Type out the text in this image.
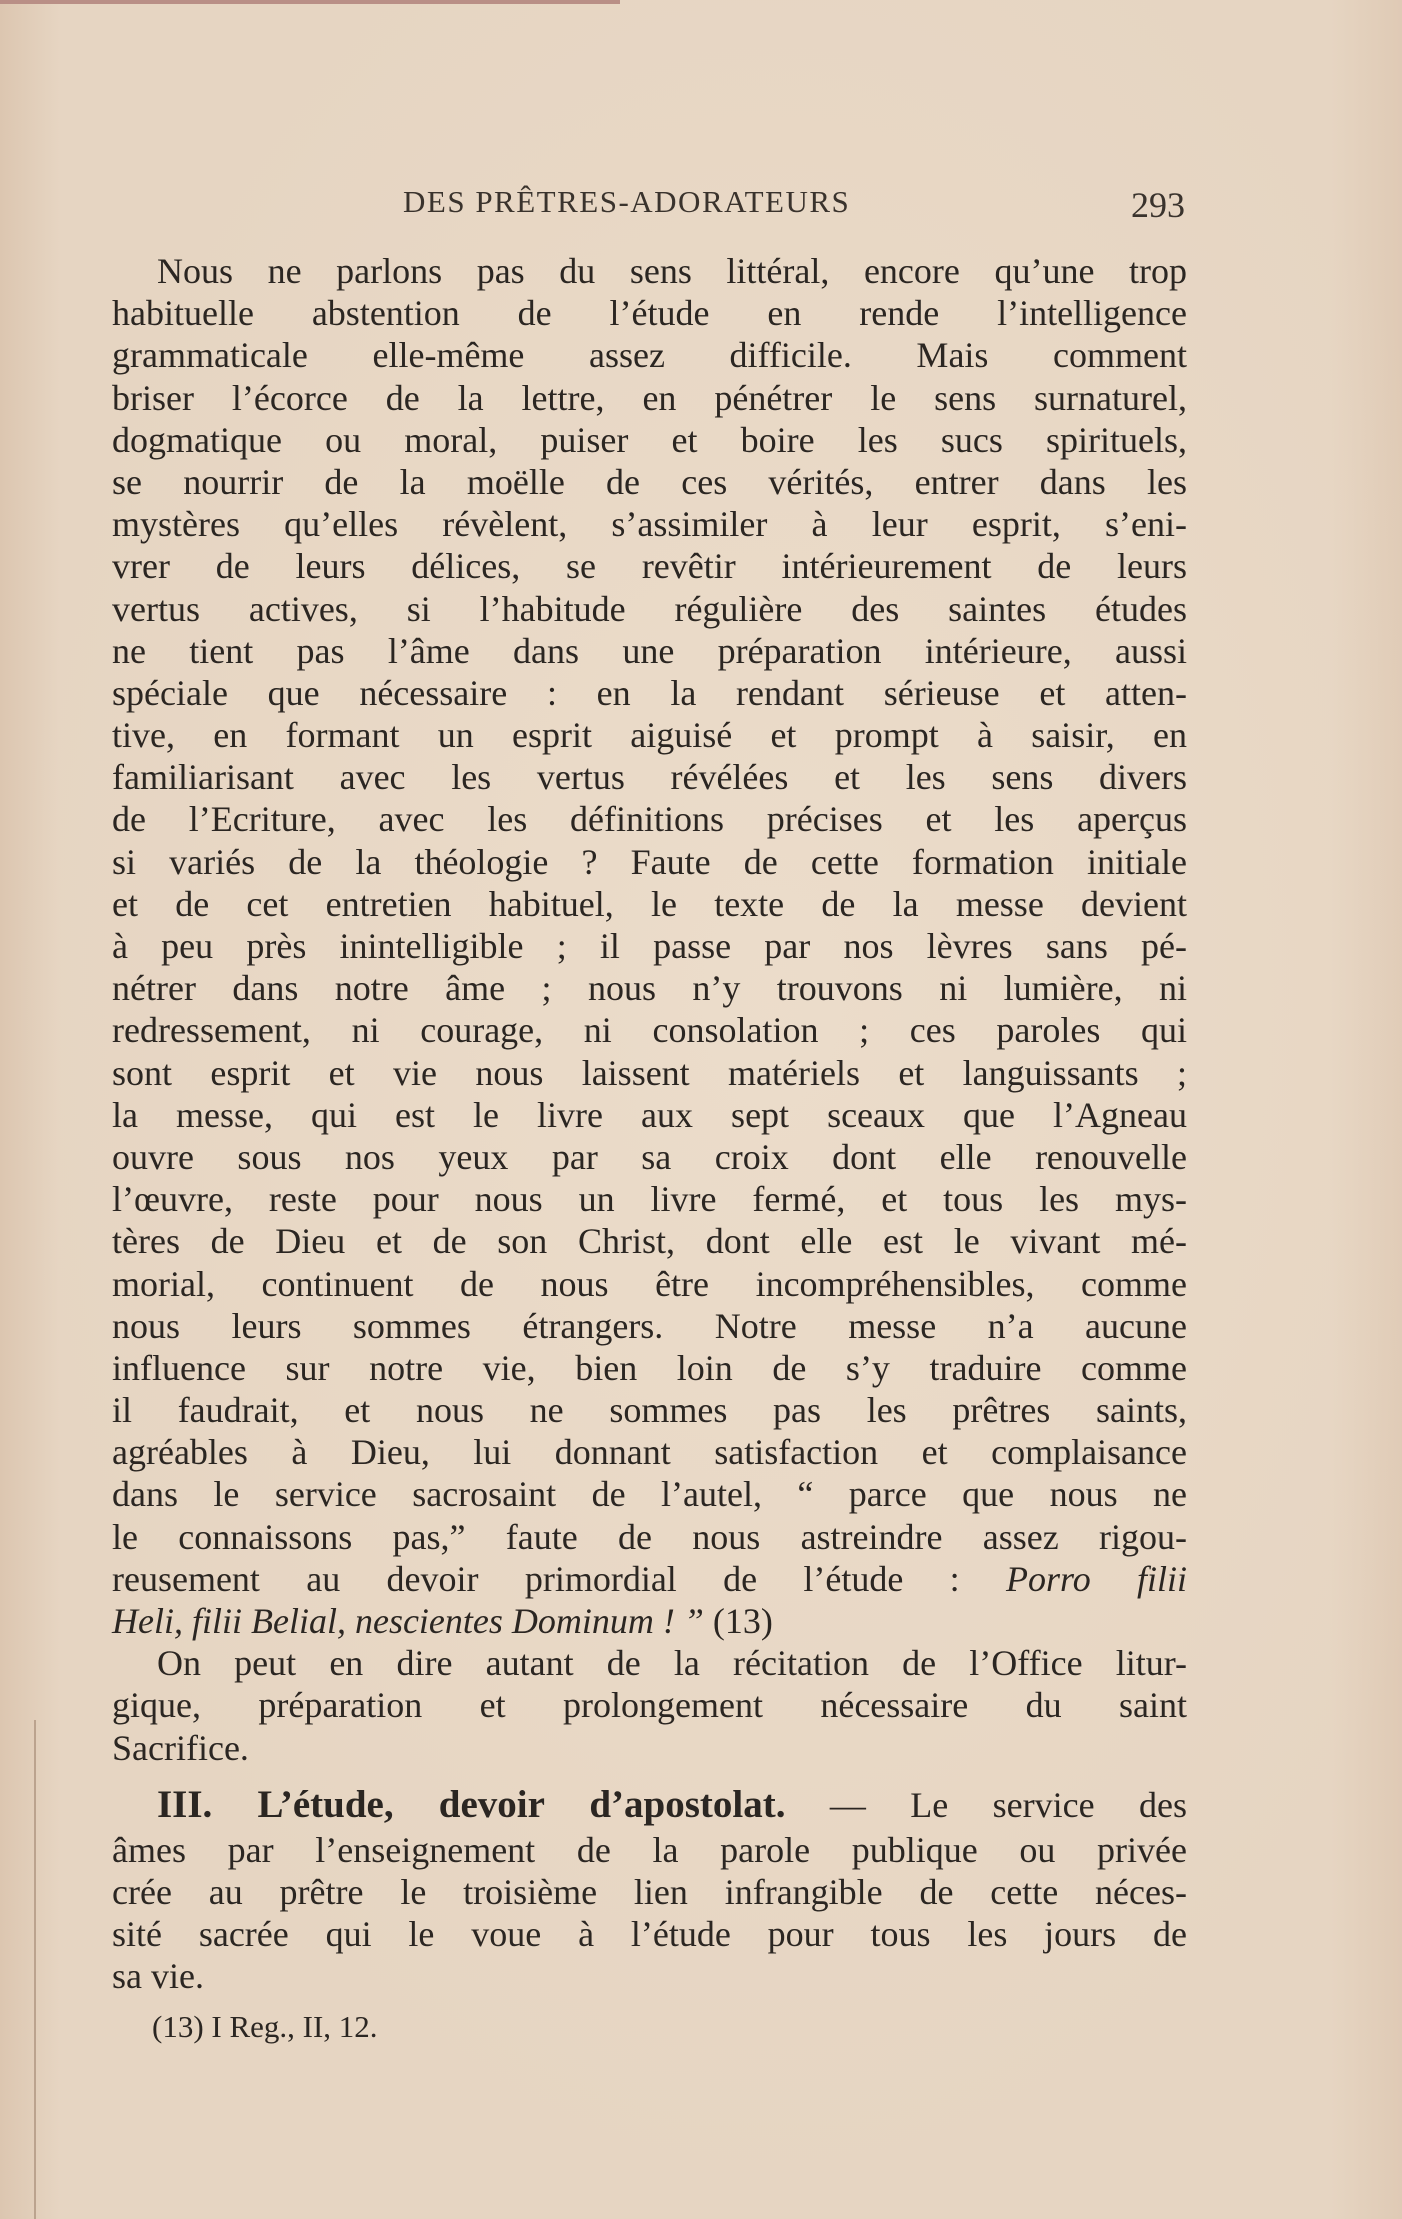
DES PRÊTRES-ADORATEURS	293
Nous ne parlons pas du sens littéral, encore qu’une trop
habituelle abstention de l’étude en rende l’intelligence
grammaticale elle-même assez difficile. Mais comment
briser l’écorce de la lettre, en pénétrer le sens surnaturel,
dogmatique ou moral, puiser et boire les sucs spirituels,
se nourrir de la moëlle de ces vérités, entrer dans les
mystères qu’elles révèlent, s’assimiler à leur esprit, s’eni-
vrer de leurs délices, se revêtir intérieurement de leurs
vertus actives, si l’habitude régulière des saintes études
ne tient pas l’âme dans une préparation intérieure, aussi
spéciale que nécessaire : en la rendant sérieuse et atten-
tive, en formant un esprit aiguisé et prompt à saisir, en
familiarisant avec les vertus révélées et les sens divers
de l’Ecriture, avec les définitions précises et les aperçus
si variés de la théologie ? Faute de cette formation initiale
et de cet entretien habituel, le texte de la messe devient
à peu près inintelligible ; il passe par nos lèvres sans pé-
nétrer dans notre âme ; nous n’y trouvons ni lumière, ni
redressement, ni courage, ni consolation ; ces paroles qui
sont esprit et vie nous laissent matériels et languissants ;
la messe, qui est le livre aux sept sceaux que l’Agneau
ouvre sous nos yeux par sa croix dont elle renouvelle
l’œuvre, reste pour nous un livre fermé, et tous les mys-
tères de Dieu et de son Christ, dont elle est le vivant mé-
morial, continuent de nous être incompréhensibles, comme
nous leurs sommes étrangers. Notre messe n’a aucune
influence sur notre vie, bien loin de s’y traduire comme
il faudrait, et nous ne sommes pas les prêtres saints,
agréables à Dieu, lui donnant satisfaction et complaisance
dans le service sacrosaint de l’autel, “ parce que nous ne
le connaissons pas,” faute de nous astreindre assez rigou-
reusement au devoir primordial de l’étude : Porro filii
Heli, filii Belial, nescientes Dominum ! ” (13)
On peut en dire autant de la récitation de l’Office litur-
gique, préparation et prolongement nécessaire du saint
Sacrifice.
III. L’étude, devoir d’apostolat. — Le service des
âmes par l’enseignement de la parole publique ou privée
crée au prêtre le troisième lien infrangible de cette néces-
sité sacrée qui le voue à l’étude pour tous les jours de
sa vie.
(13) I Reg., II, 12.
